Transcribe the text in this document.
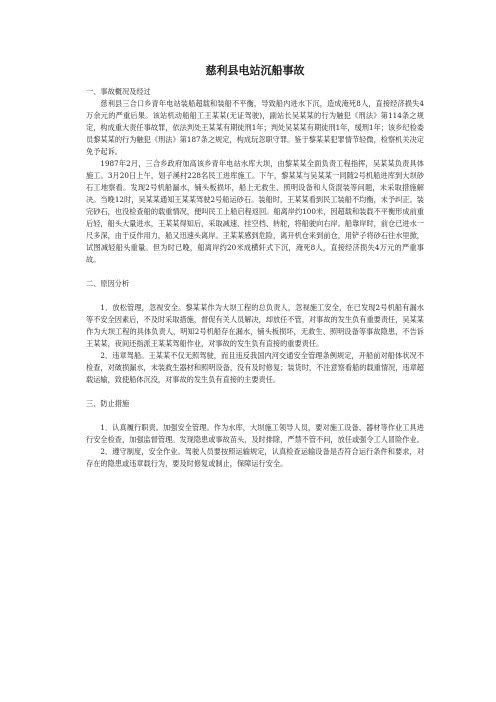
慈利县电站沉船事故

一、事故概况及经过

慈利县三合口乡青年电站装船超载和装船不平衡，导致船内进水下沉，造成淹死8人，直接经济损失4万余元的严重后果。该站机动船船工王某某(无证驾驶)，副站长吴某某的行为触犯《刑法》第114条之规定，构成重大责任事故罪，依法判处王某某有期徒刑1年；判处吴某某有期徒刑1年，缓刑1年；该乡纪检委员黎某某的行为触犯《刑法》第187条之规定，构成玩忽职守罪。鉴于黎某某犯罪情节轻微，检察机关决定免予起诉。

1987年2月，三合乡政府加高该乡青年电站水库大坝，由黎某某全面负责工程指挥，吴某某负责具体施工。3月20日上午，划子溪村228名民工进库施工。下午，黎某某与吴某某一同随2号机船进库到大坝砂石工地察看。发现2号机船漏水，铺头板损坏，船上无救生、照明设备和人货混装等问题，未采取措施解决。当晚12时，吴某某通知王某某驾驶2号船运砂石。装船时，王某某看到民工装船不均衡，未予纠正。装完砂石，也没检查船的载重情况，便叫民工上船启程返回。船离岸约100米，因超载和装载不平衡形成前重后轻，船头大量进水，王某某得知后，采取减速、挂空档、转舵，将船驶向右岸。船靠岸时，前仓已进水一尺多深，由于反作用力，船又迅速头离岸。王某某感到危险，离开机仓来到前仓，用铲子将砂石往水里掀，试图减轻船头重量。但为时已晚，船离岸约20米成横轩式下沉，淹死8人，直接经济损失4万元的严重事故。

二、原因分析

1．放松管理，忽视安全。黎某某作为大坝工程的总负责人，忽视施工安全，在已发现2号机船有漏水等不安全因素后，不及时采取措施，督促有关人员解决，却放任不管，对事故的发生负有重要责任，吴某某作为大坝工程的具体负责人，明知2号机船存在漏水，铺头板损坏，无救生、照明设备等事故隐患，不告诉王某某，夜间还指派王某某驾船作业，对事故的发生负有直接的重要责任。

2．违章驾船。王某某不仅无照驾驶，而且违反我国内河交通安全管理条例规定，开船前对船体状况不检查，对破损漏水，未装救生器材和照明设备，没有及时修复；装货时，不注意察看船的载重情况，违章超载运输，致使船体沉没，对事故的发生负有直接的主要责任。

三、防止措施

1．认真履行职责。加强安全管理。作为水库，大坝施工领导人员，要对施工设备、器材等作业工具进行安全检查，加强监督管理。发现隐患或事故苗头，及时排除，严禁不管不问，放任或强令工人冒险作业。

2．遵守制度，安全作业。驾驶人员要按照运输规定，认真检查运输设备是否符合运行条件和要求，对存在的隐患或违章载行为，要及时修复或制止，保障运行安全。
